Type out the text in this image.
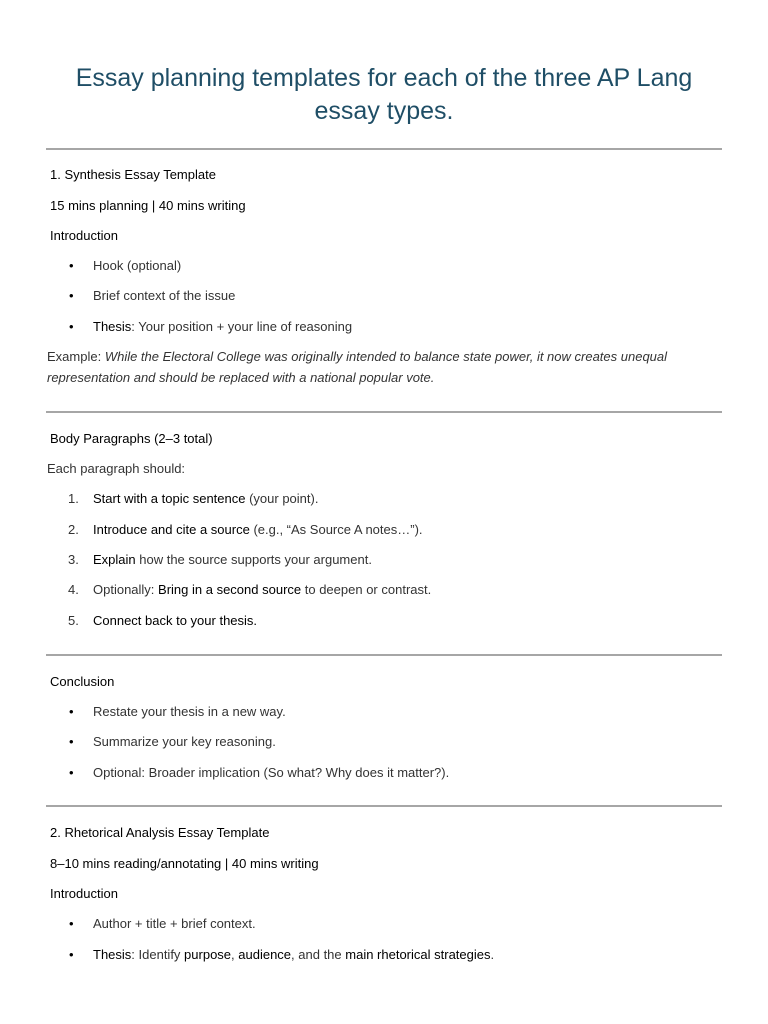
Essay planning templates for each of the three AP Lang essay types.

1. Synthesis Essay Template

15 mins planning | 40 mins writing

Introduction

• Hook (optional)
• Brief context of the issue
• Thesis: Your position + your line of reasoning

Example: While the Electoral College was originally intended to balance state power, it now creates unequal

representation and should be replaced with a national popular vote.

Body Paragraphs (2–3 total)

Each paragraph should:

1.	Start with a topic sentence (your point).
2.	Introduce and cite a source (e.g., “As Source A notes…”).
3.	Explain how the source supports your argument.
4.	Optionally: Bring in a second source to deepen or contrast.
5.	Connect back to your thesis.

Conclusion

• Restate your thesis in a new way.
• Summarize your key reasoning.
• Optional: Broader implication (So what? Why does it matter?).

2. Rhetorical Analysis Essay Template

8–10 mins reading/annotating | 40 mins writing

Introduction

• Author + title + brief context.
• Thesis: Identify purpose, audience, and the main rhetorical strategies.
